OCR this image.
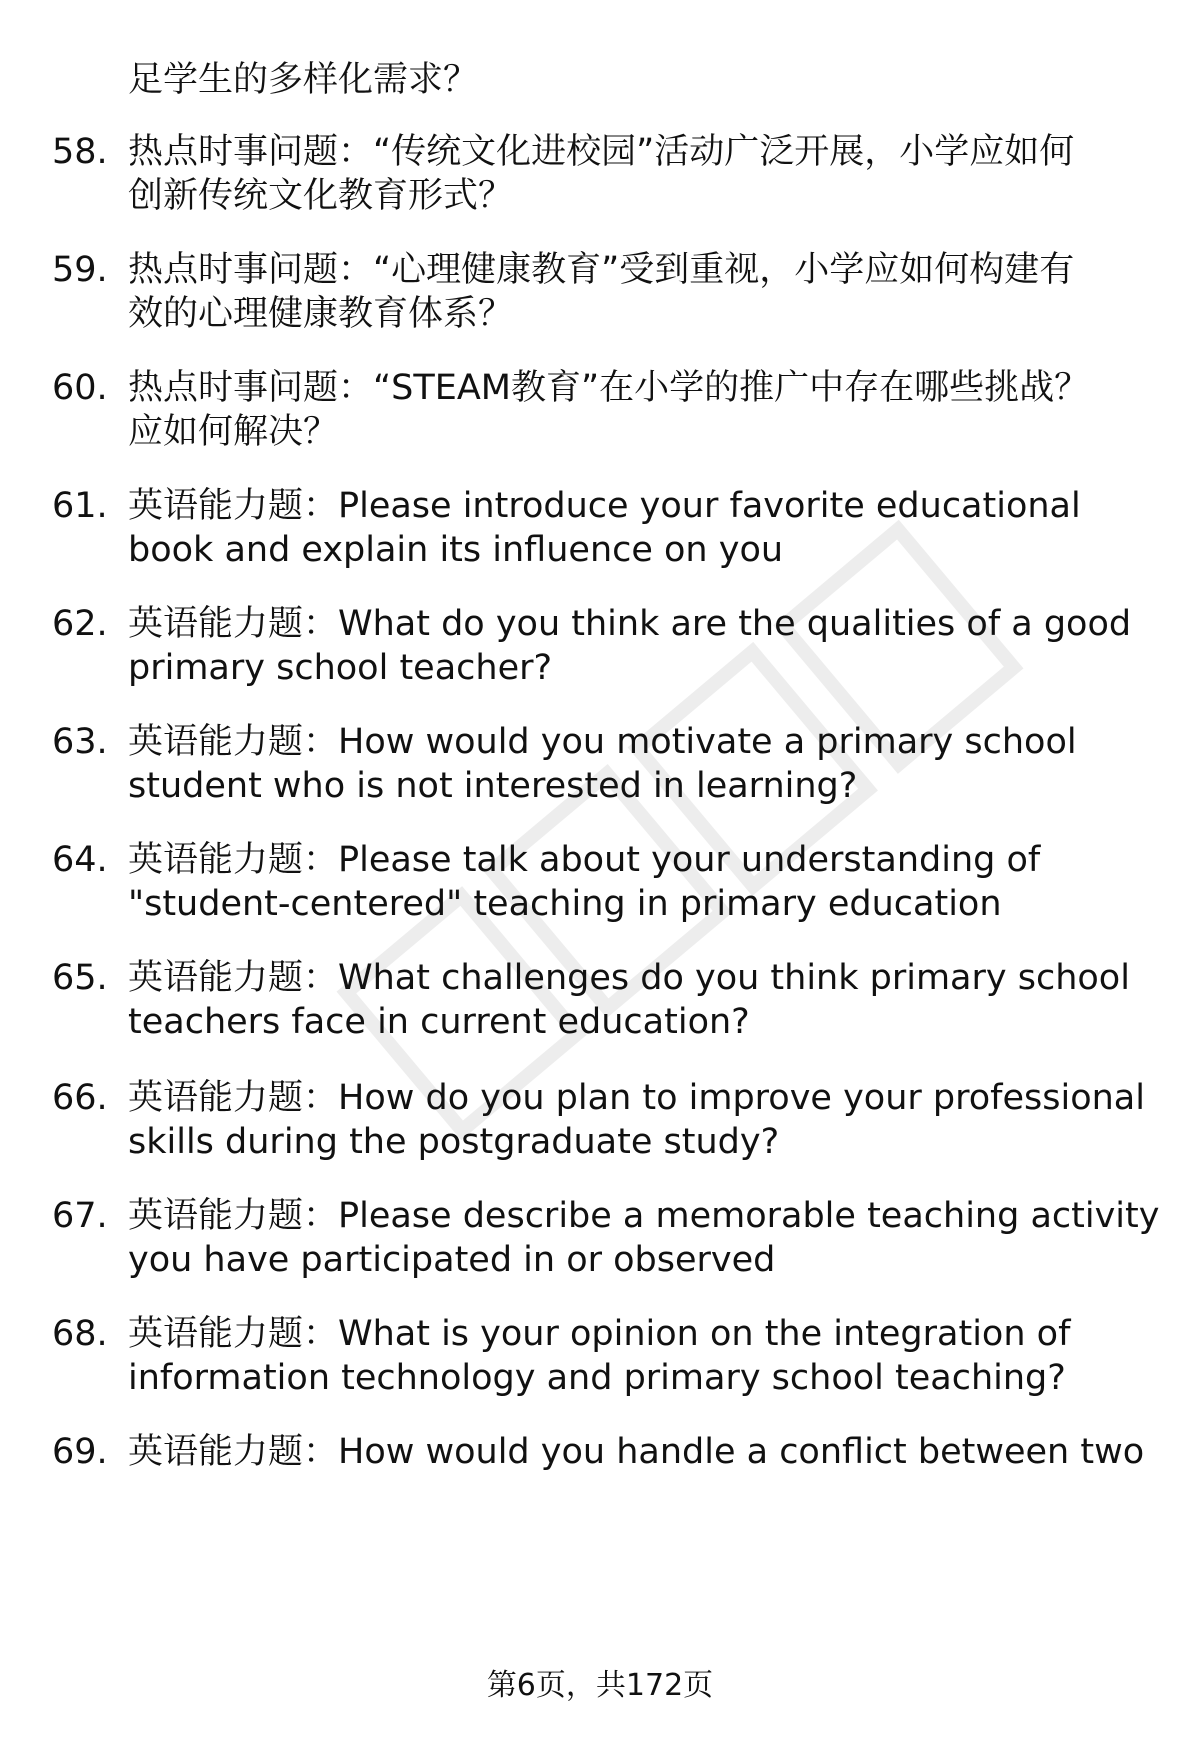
足学生的多样化需求？
58. 热点时事问题：“传统文化进校园”活动广泛开展，小学应如何
创新传统文化教育形式？
59. 热点时事问题：“心理健康教育”受到重视，小学应如何构建有
效的心理健康教育体系？
60. 热点时事问题：“STEAM教育”在小学的推广中存在哪些挑战？
应如何解决？
61. 英语能力题：Please introduce your favorite educational
book and explain its influence on you
62. 英语能力题：What do you think are the qualities of a good
primary school teacher?
63. 英语能力题：How would you motivate a primary school
student who is not interested in learning?
64. 英语能力题：Please talk about your understanding of
"student-centered" teaching in primary education
65. 英语能力题：What challenges do you think primary school
teachers face in current education?
66. 英语能力题：How do you plan to improve your professional
skills during the postgraduate study?
67. 英语能力题：Please describe a memorable teaching activity
you have participated in or observed
68. 英语能力题：What is your opinion on the integration of
information technology and primary school teaching?
69. 英语能力题：How would you handle a conflict between two
第6页，共172页
